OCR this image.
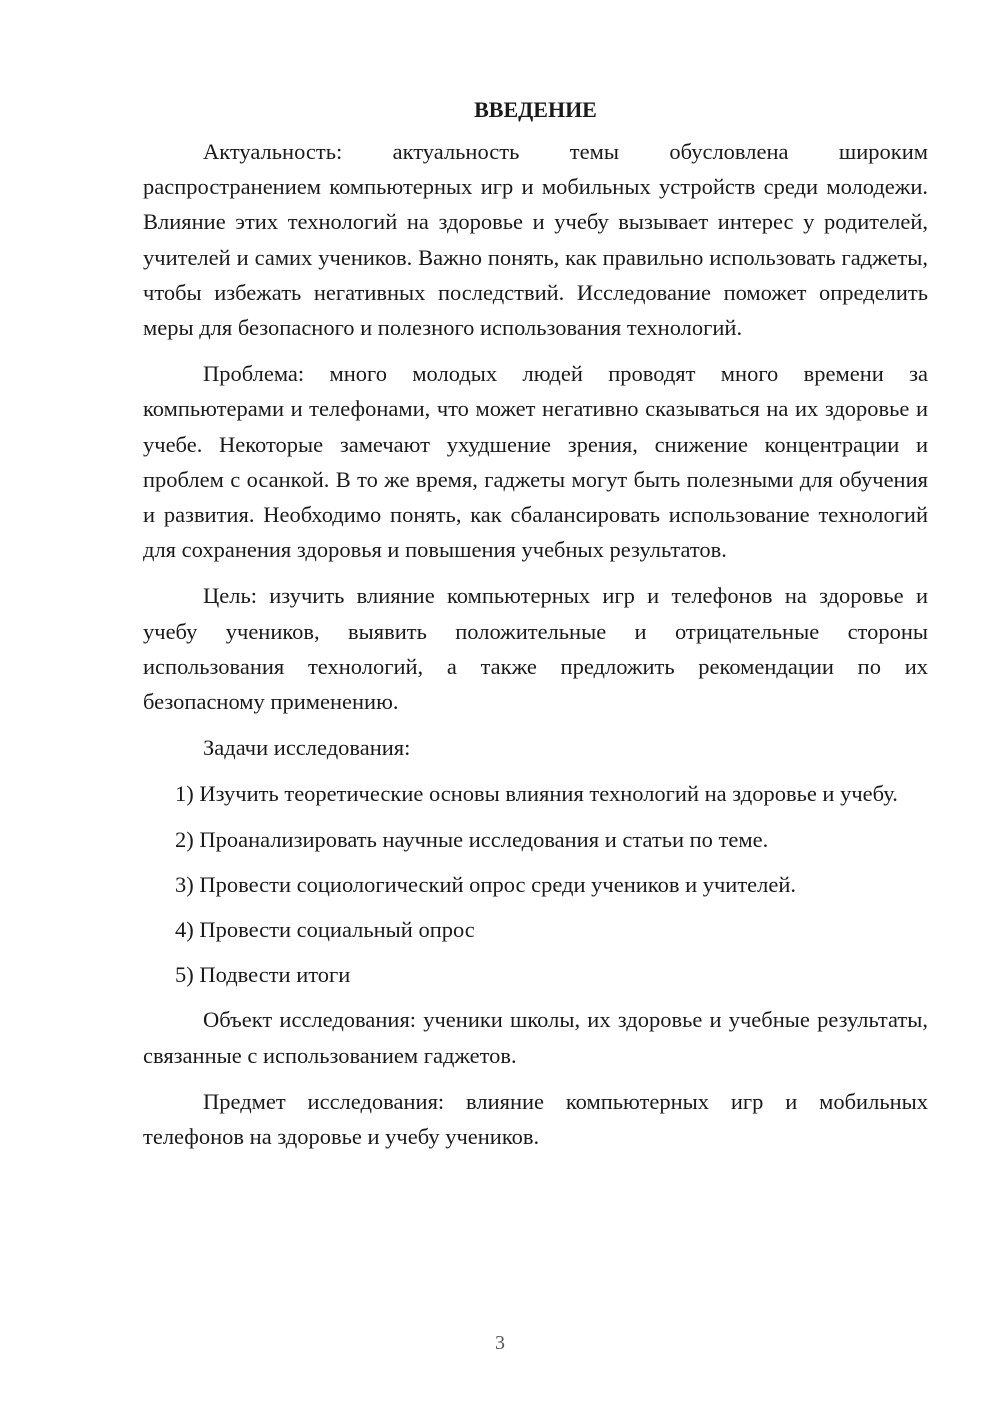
ВВЕДЕНИЕ

Актуальность: актуальность темы обусловлена широким распространением компьютерных игр и мобильных устройств среди молодежи. Влияние этих технологий на здоровье и учебу вызывает интерес у родителей, учителей и самих учеников. Важно понять, как правильно использовать гаджеты, чтобы избежать негативных последствий. Исследование поможет определить меры для безопасного и полезного использования технологий.

Проблема: много молодых людей проводят много времени за компьютерами и телефонами, что может негативно сказываться на их здоровье и учебе. Некоторые замечают ухудшение зрения, снижение концентрации и проблем с осанкой. В то же время, гаджеты могут быть полезными для обучения и развития. Необходимо понять, как сбалансировать использование технологий для сохранения здоровья и повышения учебных результатов.

Цель: изучить влияние компьютерных игр и телефонов на здоровье и учебу учеников, выявить положительные и отрицательные стороны использования технологий, а также предложить рекомендации по их безопасному применению.

Задачи исследования:

1) Изучить теоретические основы влияния технологий на здоровье и учебу.

2) Проанализировать научные исследования и статьи по теме.

3) Провести социологический опрос среди учеников и учителей.

4) Провести социальный опрос

5) Подвести итоги

Объект исследования: ученики школы, их здоровье и учебные результаты, связанные с использованием гаджетов.

Предмет исследования: влияние компьютерных игр и мобильных телефонов на здоровье и учебу учеников.

3
